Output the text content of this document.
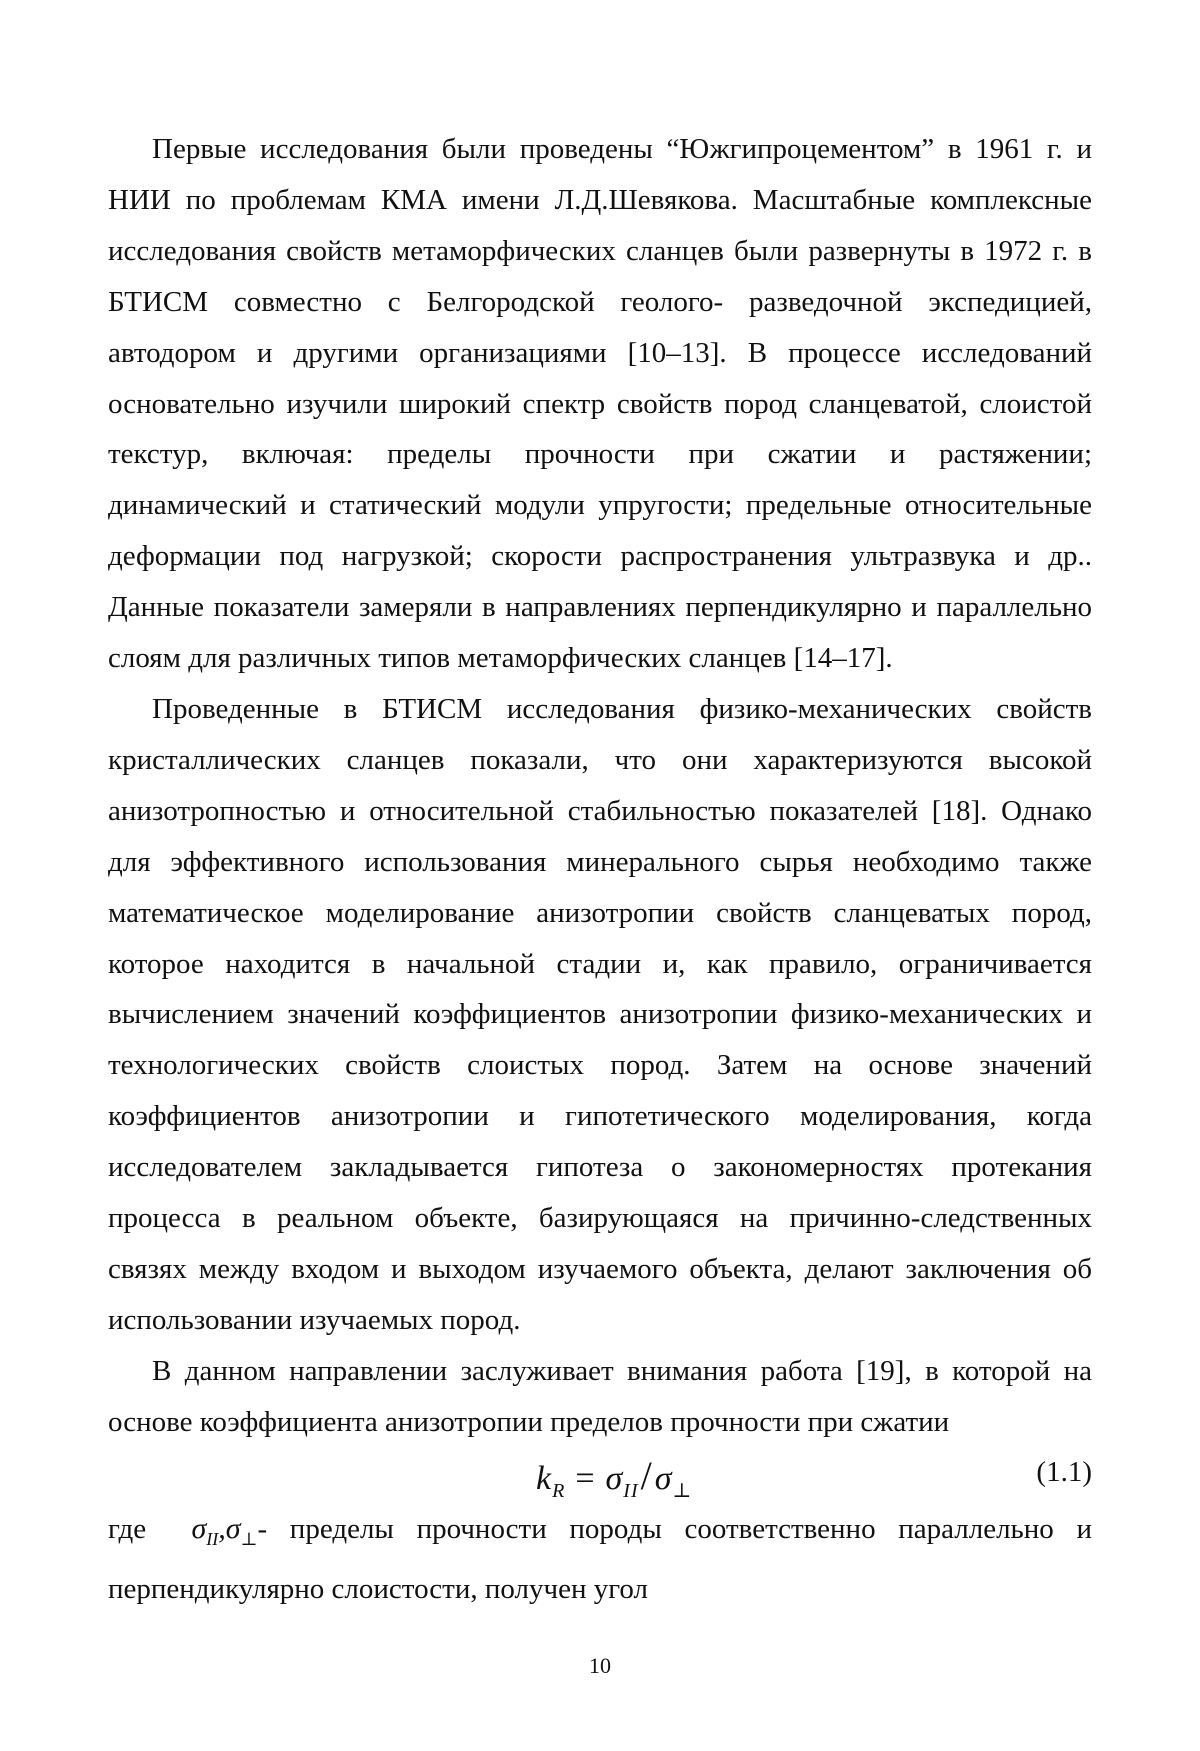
Первые исследования были проведены “Южгипроцементом” в 1961 г. и НИИ по проблемам КМА имени Л.Д.Шевякова. Масштабные комплексные исследования свойств метаморфических сланцев были развернуты в 1972 г. в БТИСМ совместно с Белгородской геолого- разведочной экспедицией, автодором и другими организациями [10–13]. В процессе исследований основательно изучили широкий спектр свойств пород сланцеватой, слоистой текстур, включая: пределы прочности при сжатии и растяжении; динамический и статический модули упругости; предельные относительные деформации под нагрузкой; скорости распространения ультразвука и др.. Данные показатели замеряли в направлениях перпендикулярно и параллельно слоям для различных типов метаморфических сланцев [14–17].

Проведенные в БТИСМ исследования физико-механических свойств кристаллических сланцев показали, что они характеризуются высокой анизотропностью и относительной стабильностью показателей [18]. Однако для эффективного использования минерального сырья необходимо также математическое моделирование анизотропии свойств сланцеватых пород, которое находится в начальной стадии и, как правило, ограничивается вычислением значений коэффициентов анизотропии физико-механических и технологических свойств слоистых пород. Затем на основе значений коэффициентов анизотропии и гипотетического моделирования, когда исследователем закладывается гипотеза о закономерностях протекания процесса в реальном объекте, базирующаяся на причинно-следственных связях между входом и выходом изучаемого объекта, делают заключения об использовании изучаемых пород.

В данном направлении заслуживает внимания работа [19], в которой на основе коэффициента анизотропии пределов прочности при сжатии

$k_R = \sigma_{II}/\sigma_\perp$
(1.1)

где $\sigma_{II},\sigma_\perp-$ пределы прочности породы соответственно параллельно и перпендикулярно слоистости, получен угол

10
